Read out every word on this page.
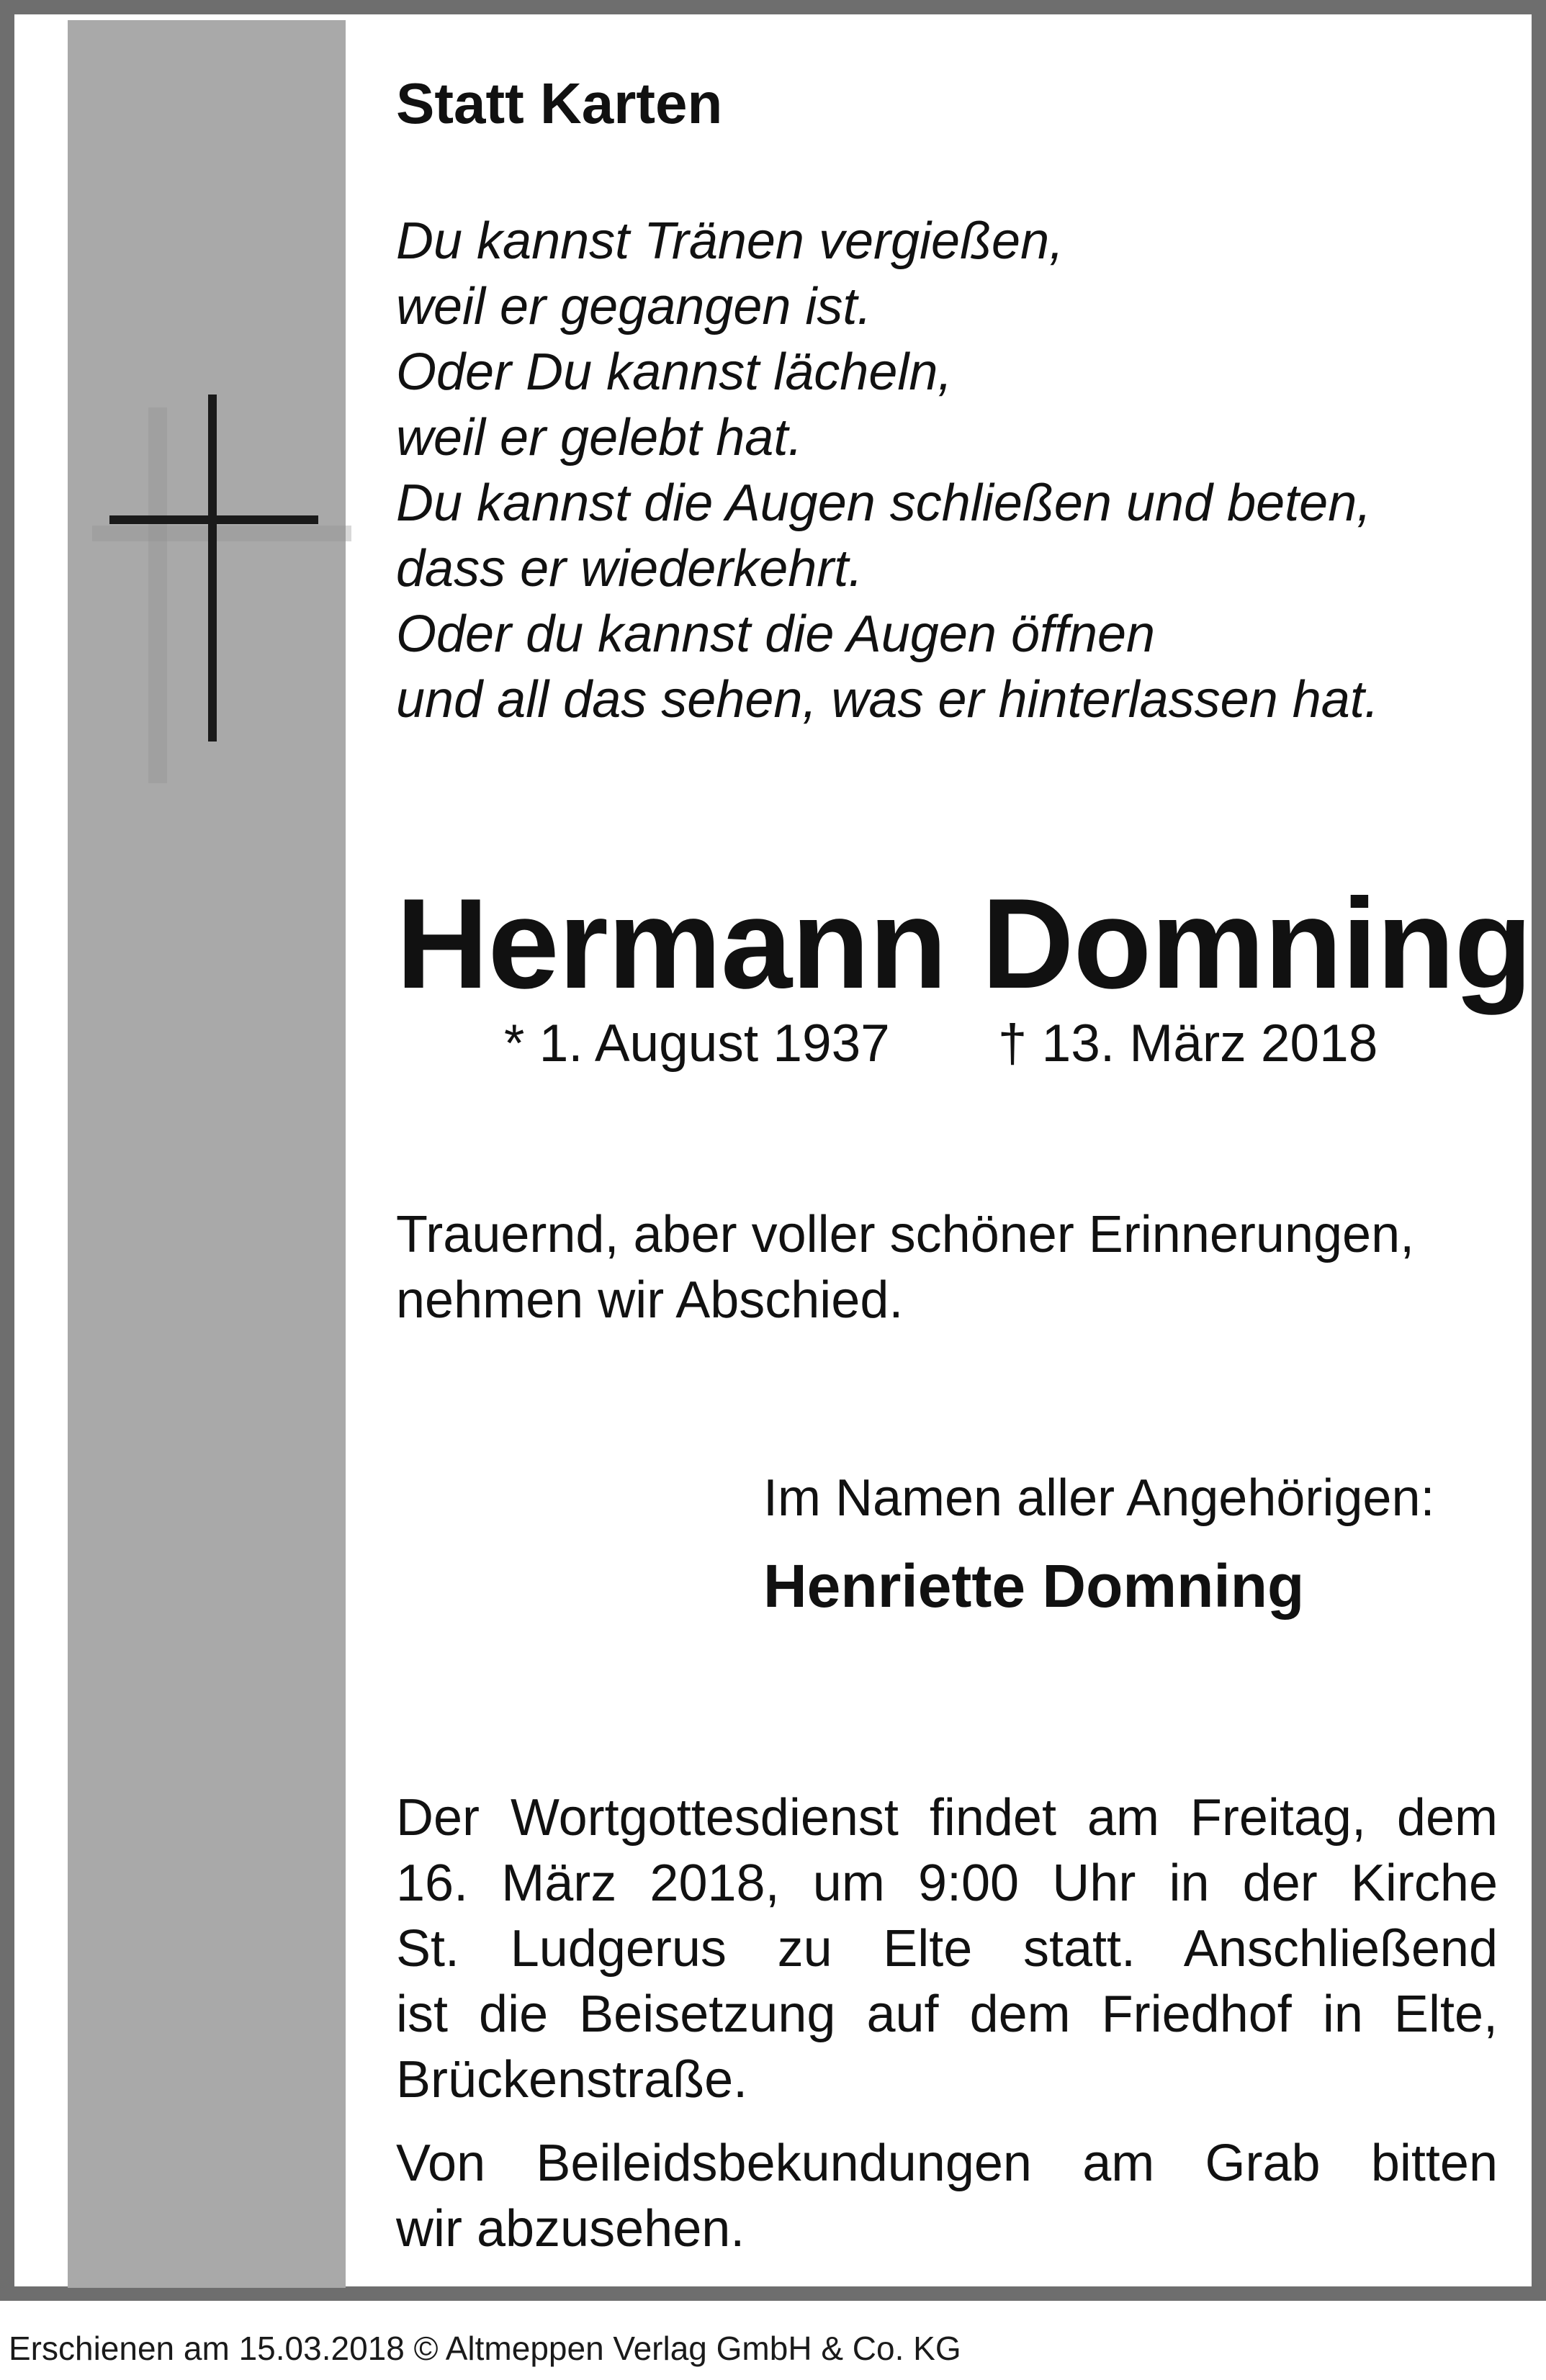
Statt Karten
Du kannst Tränen vergießen,
weil er gegangen ist.
Oder Du kannst lächeln,
weil er gelebt hat.
Du kannst die Augen schließen und beten,
dass er wiederkehrt.
Oder du kannst die Augen öffnen
und all das sehen, was er hinterlassen hat.
Hermann Domning
* 1. August 1937 † 13. März 2018
Trauernd, aber voller schöner Erinnerungen,
nehmen wir Abschied.
Im Namen aller Angehörigen:
Henriette Domning
Der Wortgottesdienst findet am Freitag, dem
16. März 2018, um 9:00 Uhr in der Kirche
St. Ludgerus zu Elte statt. Anschließend
ist die Beisetzung auf dem Friedhof in Elte,
Brückenstraße.
Von Beileidsbekundungen am Grab bitten
wir abzusehen.
Erschienen am 15.03.2018 © Altmeppen Verlag GmbH & Co. KG
